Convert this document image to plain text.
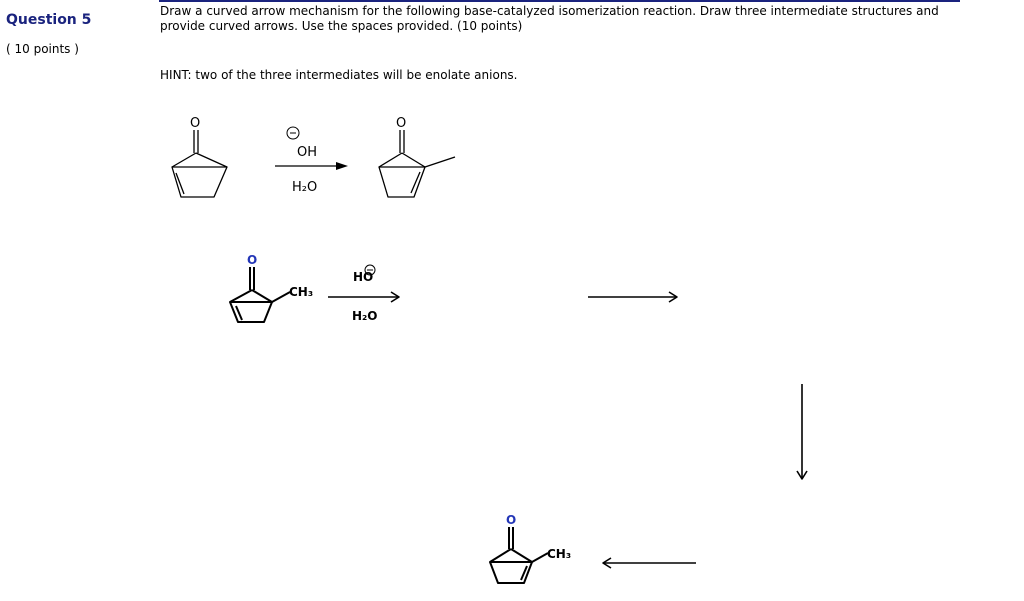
Question 5
( 10 points )
Draw a curved arrow mechanism for the following base-catalyzed isomerization reaction. Draw three intermediate structures and provide curved arrows. Use the spaces provided. (10 points)
HINT: two of the three intermediates will be enolate anions.
O	O
OH
H₂O
O
CH₃
HO
H₂O
O
CH₃
